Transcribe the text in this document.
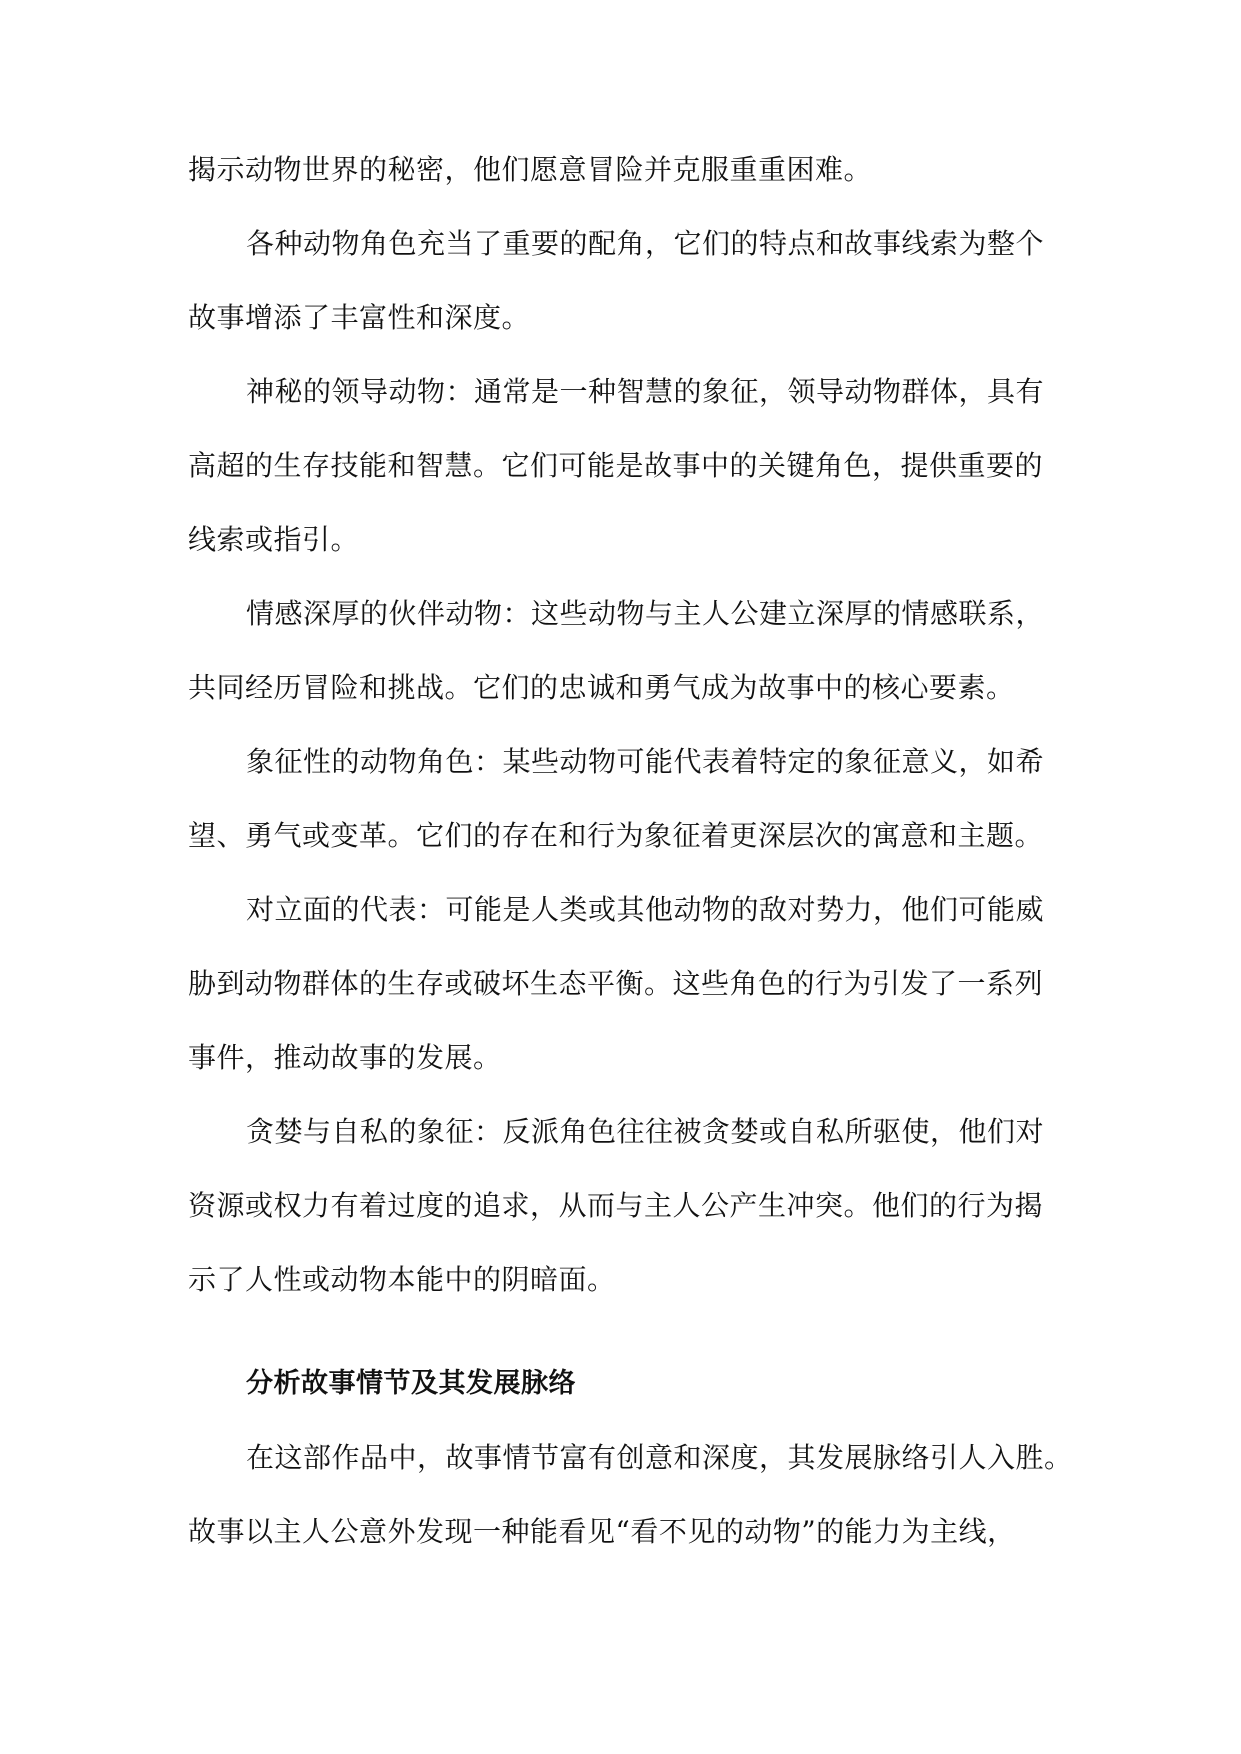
揭示动物世界的秘密，他们愿意冒险并克服重重困难。
各种动物角色充当了重要的配角，它们的特点和故事线索为整个
故事增添了丰富性和深度。
神秘的领导动物：通常是一种智慧的象征，领导动物群体，具有
高超的生存技能和智慧。它们可能是故事中的关键角色，提供重要的
线索或指引。
情感深厚的伙伴动物：这些动物与主人公建立深厚的情感联系，
共同经历冒险和挑战。它们的忠诚和勇气成为故事中的核心要素。
象征性的动物角色：某些动物可能代表着特定的象征意义，如希
望、勇气或变革。它们的存在和行为象征着更深层次的寓意和主题。
对立面的代表：可能是人类或其他动物的敌对势力，他们可能威
胁到动物群体的生存或破坏生态平衡。这些角色的行为引发了一系列
事件，推动故事的发展。
贪婪与自私的象征：反派角色往往被贪婪或自私所驱使，他们对
资源或权力有着过度的追求，从而与主人公产生冲突。他们的行为揭
示了人性或动物本能中的阴暗面。
分析故事情节及其发展脉络
在这部作品中，故事情节富有创意和深度，其发展脉络引人入胜。
故事以主人公意外发现一种能看见“看不见的动物”的能力为主线，
